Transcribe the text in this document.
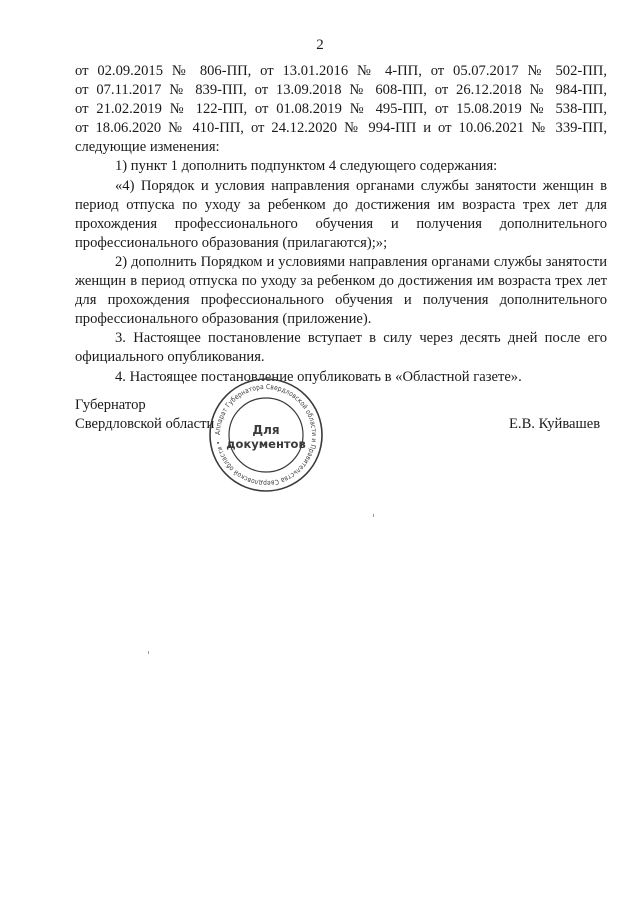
2
от 02.09.2015 № 806-ПП, от 13.01.2016 № 4-ПП, от 05.07.2017 № 502-ПП,
от 07.11.2017 № 839-ПП, от 13.09.2018 № 608-ПП, от 26.12.2018 № 984-ПП,
от 21.02.2019 № 122-ПП, от 01.08.2019 № 495-ПП, от 15.08.2019 № 538-ПП,
от 18.06.2020 № 410-ПП, от 24.12.2020 № 994-ПП и от 10.06.2021 № 339-ПП,
следующие изменения:

1) пункт 1 дополнить подпунктом 4 следующего содержания:

«4) Порядок и условия направления органами службы занятости женщин в период отпуска по уходу за ребенком до достижения им возраста трех лет для прохождения профессионального обучения и получения дополнительного профессионального образования (прилагаются);»;

2) дополнить Порядком и условиями направления органами службы занятости женщин в период отпуска по уходу за ребенком до достижения им возраста трех лет для прохождения профессионального обучения и получения дополнительного профессионального образования (приложение).

3. Настоящее постановление вступает в силу через десять дней после его официального опубликования.

4. Настоящее постановление опубликовать в «Областной газете».

Губернатор
Свердловской области	Е.В. Куйвашев
Аппарат Губернатора Свердловской области и Правительства Свердловской области •
Для
документов
